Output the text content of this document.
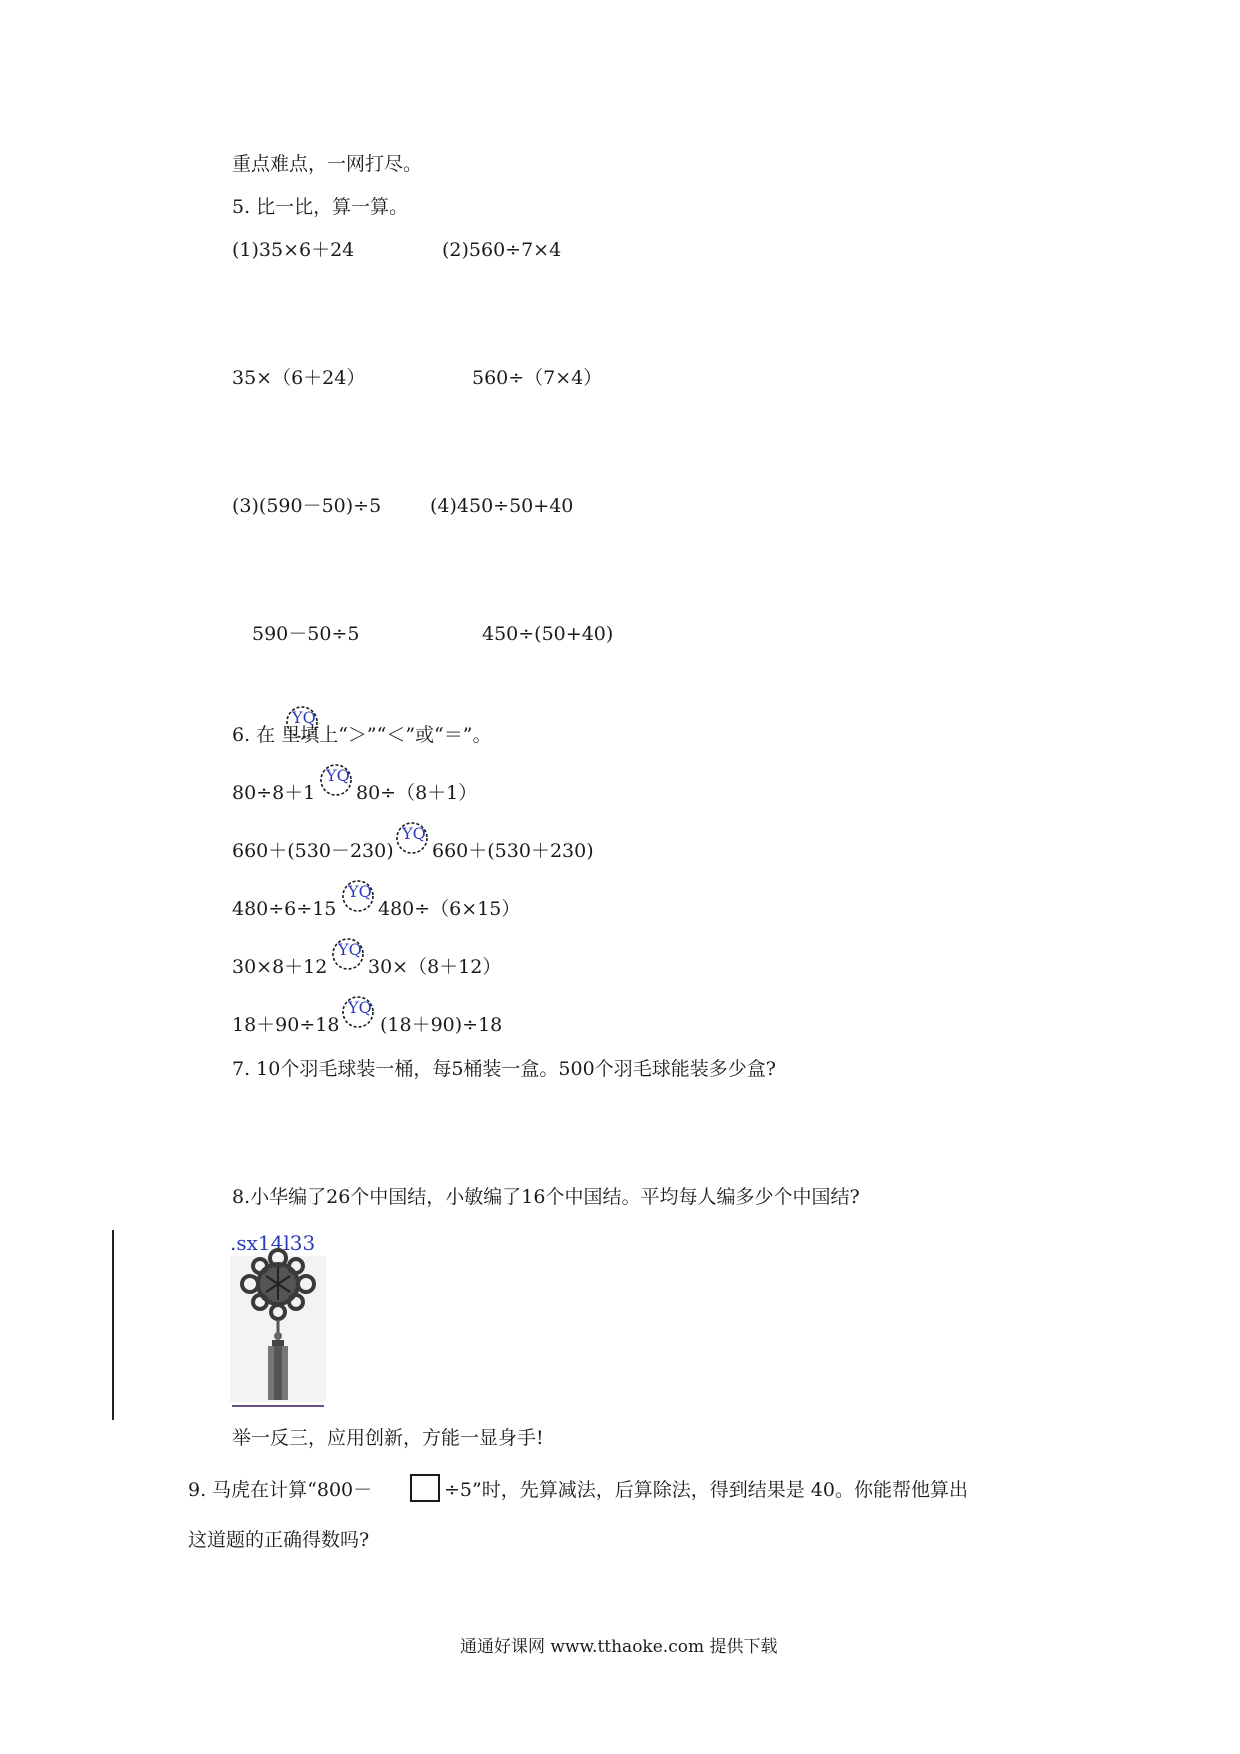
重点难点，一网打尽。
5. 比一比，算一算。
(1)35×6＋24	(2)560÷7×4
35×（6＋24）	560÷（7×4）
(3)(590－50)÷5	(4)450÷50+40
590－50÷5	450÷(50+40)
6. 在 里填上“＞”“＜”或“＝”。
YQ
80÷8＋1
YQ
80÷（8＋1）
660＋(530－230)
YQ
660＋(530＋230)
480÷6÷15
YQ
480÷（6×15）
30×8＋12
YQ
30×（8＋12）
18＋90÷18
YQ
(18＋90)÷18
7. 10个羽毛球装一桶，每5桶装一盒。500个羽毛球能装多少盒?
8.小华编了26个中国结，小敏编了16个中国结。平均每人编多少个中国结?
.sx14l33
举一反三，应用创新，方能一显身手!
9. 马虎在计算“800－	÷5”时，先算减法，后算除法，得到结果是 40。你能帮他算出
这道题的正确得数吗?
通通好课网 www.tthaoke.com 提供下载
